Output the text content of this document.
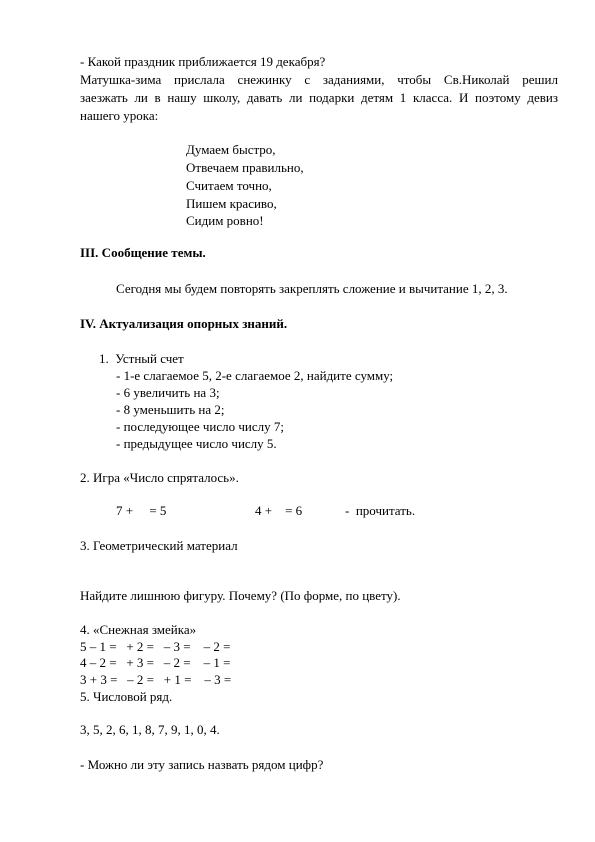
- Какой праздник приближается 19 декабря?
Матушка-зима прислала снежинку с заданиями, чтобы Св.Николай решил
заезжать ли в нашу школу, давать ли подарки детям 1 класса. И поэтому девиз
нашего урока:
Думаем быстро,
Отвечаем правильно,
Считаем точно,
Пишем красиво,
Сидим ровно!
III. Сообщение темы.
Сегодня мы будем повторять закреплять сложение и вычитание 1, 2, 3.
IV. Актуализация опорных знаний.
1.  Устный счет
- 1-е слагаемое 5, 2-е слагаемое 2, найдите сумму;
- 6 увеличить на 3;
- 8 уменьшить на 2;
- последующее число числу 7;
- предыдущее число числу 5.
2. Игра «Число спряталось».
7 +     = 5	4 +    = 6	-  прочитать.
3. Геометрический материал
Найдите лишнюю фигуру. Почему? (По форме, по цвету).
4. «Снежная змейка»
5 – 1 =   + 2 =   – 3 =    – 2 =
4 – 2 =   + 3 =   – 2 =    – 1 =
3 + 3 =   – 2 =   + 1 =    – 3 =
5. Числовой ряд.
3, 5, 2, 6, 1, 8, 7, 9, 1, 0, 4.
- Можно ли эту запись назвать рядом цифр?
